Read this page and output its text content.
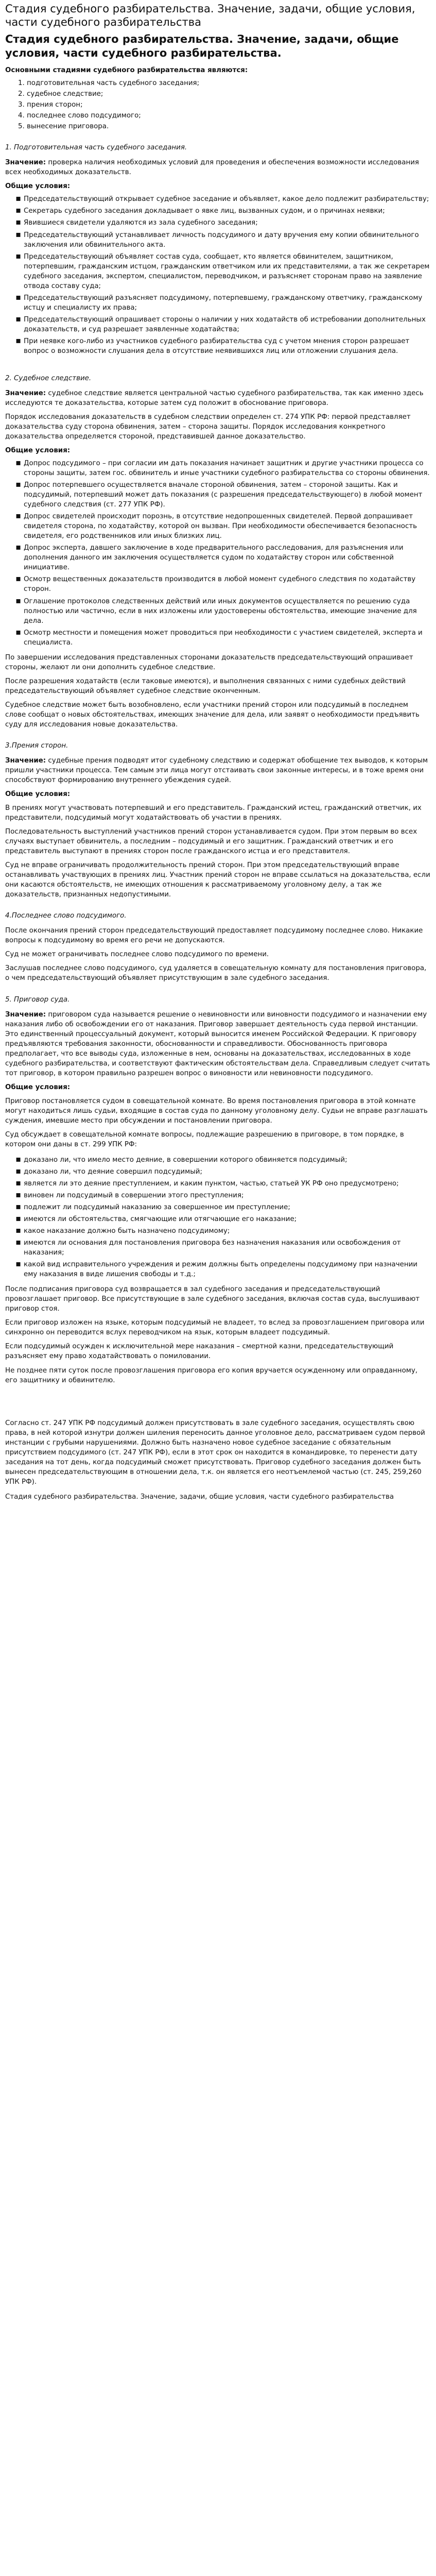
Стадия судебного разбирательства. Значение, задачи, общие условия, части судебного разбирательства
Стадия судебного разбирательства. Значение, задачи, общие условия, части судебного разбирательства.
Основными стадиями судебного разбирательства являются:
1. подготовительная часть судебного заседания;
2. судебное следствие;
3. прения сторон;
4. последнее слово подсудимого;
5. вынесение приговора.
1. Подготовительная часть судебного заседания.

Значение: проверка наличия необходимых условий для проведения и обеспечения возможности исследования всех необходимых доказательств.

Общие условия:
• Председательствующий открывает судебное заседание и объявляет, какое дело подлежит разбирательству;
• Секретарь судебного заседания докладывает о явке лиц, вызванных судом, и о причинах неявки;
• Явившиеся свидетели удаляются из зала судебного заседания;
• Председательствующий устанавливает личность подсудимого и дату вручения ему копии обвинительного заключения или обвинительного акта.
• Председательствующий объявляет состав суда, сообщает, кто является обвинителем, защитником, потерпевшим, гражданским истцом, гражданским ответчиком или их представителями, а так же секретарем судебного заседания, экспертом, специалистом, переводчиком, и разъясняет сторонам право на заявление отвода составу суда;
• Председательствующий разъясняет подсудимому, потерпевшему, гражданскому ответчику, гражданскому истцу и специалисту их права;
• Председательствующий опрашивает стороны о наличии у них ходатайств об истребовании дополнительных доказательств, и суд разрешает заявленные ходатайства;
• При неявке кого-либо из участников судебного разбирательства суд с учетом мнения сторон разрешает вопрос о возможности слушания дела в отсутствие неявившихся лиц или отложении слушания дела.
2. Судебное следствие.

Значение: судебное следствие является центральной частью судебного разбирательства, так как именно здесь исследуются те доказательства, которые затем суд положит в обоснование приговора.

Порядок исследования доказательств в судебном следствии определен ст. 274 УПК РФ: первой представляет доказательства суду сторона обвинения, затем – сторона защиты. Порядок исследования конкретного доказательства определяется стороной, представившей данное доказательство.

Общие условия:
• Допрос подсудимого – при согласии им дать показания начинает защитник и другие участники процесса со стороны защиты, затем гос. обвинитель и иные участники судебного разбирательства со стороны обвинения.
• Допрос потерпевшего осуществляется вначале стороной обвинения, затем – стороной защиты. Как и подсудимый, потерпевший может дать показания (с разрешения председательствующего) в любой момент судебного следствия (ст. 277 УПК РФ).
• Допрос свидетелей происходит порознь, в отсутствие недопрошенных свидетелей. Первой допрашивает свидетеля сторона, по ходатайству, которой он вызван. При необходимости обеспечивается безопасность свидетеля, его родственников или иных близких лиц.
• Допрос эксперта, давшего заключение в ходе предварительного расследования, для разъяснения или дополнения данного им заключения осуществляется судом по ходатайству сторон или собственной инициативе.
• Осмотр вещественных доказательств производится в любой момент судебного следствия по ходатайству сторон.
• Оглашение протоколов следственных действий или иных документов осуществляется по решению суда полностью или частично, если в них изложены или удостоверены обстоятельства, имеющие значение для дела.
• Осмотр местности и помещения может проводиться при необходимости с участием свидетелей, эксперта и специалиста.

По завершении исследования представленных сторонами доказательств председательствующий опрашивает стороны, желают ли они дополнить судебное следствие.

После разрешения ходатайств (если таковые имеются), и выполнения связанных с ними судебных действий председательствующий объявляет судебное следствие оконченным.

Судебное следствие может быть возобновлено, если участники прений сторон или подсудимый в последнем слове сообщат о новых обстоятельствах, имеющих значение для дела, или заявят о необходимости предъявить суду для исследования новые доказательства.

3.Прения сторон.

Значение: судебные прения подводят итог судебному следствию и содержат обобщение тех выводов, к которым пришли участники процесса. Тем самым эти лица могут отстаивать свои законные интересы, и в тоже время они способствуют формированию внутреннего убеждения судей.

Общие условия:

В прениях могут участвовать потерпевший и его представитель. Гражданский истец, гражданский ответчик, их представители, подсудимый могут ходатайствовать об участии в прениях.

Последовательность выступлений участников прений сторон устанавливается судом. При этом первым во всех случаях выступает обвинитель, а последним – подсудимый и его защитник. Гражданский ответчик и его представитель выступают в прениях сторон после гражданского истца и его представителя.

Суд не вправе ограничивать продолжительность прений сторон. При этом председательствующий вправе останавливать участвующих в прениях лиц. Участник прений сторон не вправе ссылаться на доказательства, если они касаются обстоятельств, не имеющих отношения к рассматриваемому уголовному делу, а так же доказательств, признанных недопустимыми.

4.Последнее слово подсудимого.

После окончания прений сторон председательствующий предоставляет подсудимому последнее слово. Никакие вопросы к подсудимому во время его речи не допускаются.

Суд не может ограничивать последнее слово подсудимого по времени.

Заслушав последнее слово подсудимого, суд удаляется в совещательную комнату для постановления приговора, о чем председательствующий объявляет присутствующим в зале судебного заседания.

5. Приговор суда.

Значение: приговором суда называется решение о невиновности или виновности подсудимого и назначении ему наказания либо об освобождении его от наказания. Приговор завершает деятельность суда первой инстанции. Это единственный процессуальный документ, который выносится именем Российской Федерации. К приговору предъявляются требования законности, обоснованности и справедливости. Обоснованность приговора предполагает, что все выводы суда, изложенные в нем, основаны на доказательствах, исследованных в ходе судебного разбирательства, и соответствуют фактическим обстоятельствам дела. Справедливым следует считать тот приговор, в котором правильно разрешен вопрос о виновности или невиновности подсудимого.

Общие условия:

Приговор постановляется судом в совещательной комнате. Во время постановления приговора в этой комнате могут находиться лишь судьи, входящие в состав суда по данному уголовному делу. Судьи не вправе разглашать суждения, имевшие место при обсуждении и постановлении приговора.

Суд обсуждает в совещательной комнате вопросы, подлежащие разрешению в приговоре, в том порядке, в котором они даны в ст. 299 УПК РФ:

• доказано ли, что имело место деяние, в совершении которого обвиняется подсудимый;
• доказано ли, что деяние совершил подсудимый;
• является ли это деяние преступлением, и каким пунктом, частью, статьей УК РФ оно предусмотрено;
• виновен ли подсудимый в совершении этого преступления;
• подлежит ли подсудимый наказанию за совершенное им преступление;
• имеются ли обстоятельства, смягчающие или отягчающие его наказание;
• какое наказание должно быть назначено подсудимому;
• имеются ли основания для постановления приговора без назначения наказания или освобождения от наказания;
• какой вид исправительного учреждения и режим должны быть определены подсудимому при назначении ему наказания в виде лишения свободы и т.д.;

После подписания приговора суд возвращается в зал судебного заседания и председательствующий провозглашает приговор. Все присутствующие в зале судебного заседания, включая состав суда, выслушивают приговор стоя.

Если приговор изложен на языке, которым подсудимый не владеет, то вслед за провозглашением приговора или синхронно он переводится вслух переводчиком на язык, которым владеет подсудимый.

Если подсудимый осужден к исключительной мере наказания – смертной казни, председательствующий разъясняет ему право ходатайствовать о помиловании.

Не позднее пяти суток после провозглашения приговора его копия вручается осужденному или оправданному, его защитнику и обвинителю.

Согласно ст. 247 УПК РФ подсудимый должен присутствовать в зале судебного заседания, осуществлять свою права, в ней которой изнутри должен шиления переносить данное уголовное дело, рассматриваем судом первой инстанции с грубыми нарушениями. Должно быть назначено новое судебное заседание с обязательным присутствием подсудимого (ст. 247 УПК РФ), если в этот срок он находится в командировке, то перенести дату заседания на тот день, когда подсудимый сможет присутствовать. Приговор судебного заседания должен быть вынесен председательствующим в отношении дела, т.к. он является его неотъемлемой частью (ст. 245, 259,260 УПК РФ).

Стадия судебного разбирательства. Значение, задачи, общие условия, части судебного разбирательства
